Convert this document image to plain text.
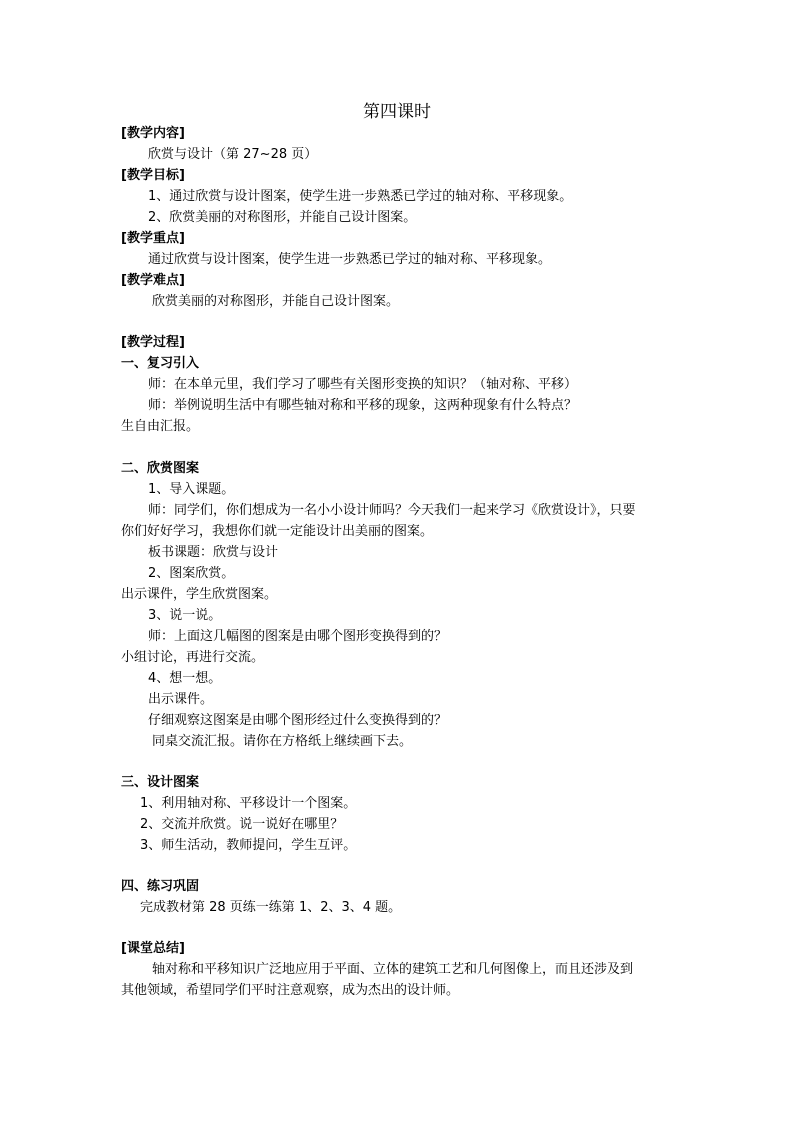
第四课时
[教学内容]
欣赏与设计（第 27~28 页）
[教学目标]
1、通过欣赏与设计图案，使学生进一步熟悉已学过的轴对称、平移现象。
2、欣赏美丽的对称图形，并能自己设计图案。
[教学重点]
通过欣赏与设计图案，使学生进一步熟悉已学过的轴对称、平移现象。
[教学难点]
欣赏美丽的对称图形，并能自己设计图案。
[教学过程]
一、复习引入
师：在本单元里，我们学习了哪些有关图形变换的知识？（轴对称、平移）
师：举例说明生活中有哪些轴对称和平移的现象，这两种现象有什么特点？
生自由汇报。
二、欣赏图案
1、导入课题。
师：同学们，你们想成为一名小小设计师吗？今天我们一起来学习《欣赏设计》，只要
你们好好学习，我想你们就一定能设计出美丽的图案。
板书课题：欣赏与设计
2、图案欣赏。
出示课件，学生欣赏图案。
3、说一说。
师：上面这几幅图的图案是由哪个图形变换得到的？
小组讨论，再进行交流。
4、想一想。
出示课件。
仔细观察这图案是由哪个图形经过什么变换得到的？
同桌交流汇报。请你在方格纸上继续画下去。
三、设计图案
1、利用轴对称、平移设计一个图案。
2、交流并欣赏。说一说好在哪里？
3、师生活动，教师提问，学生互评。
四、练习巩固
完成教材第 28 页练一练第 1、2、3、4 题。
[课堂总结]
轴对称和平移知识广泛地应用于平面、立体的建筑工艺和几何图像上，而且还涉及到
其他领域，希望同学们平时注意观察，成为杰出的设计师。
